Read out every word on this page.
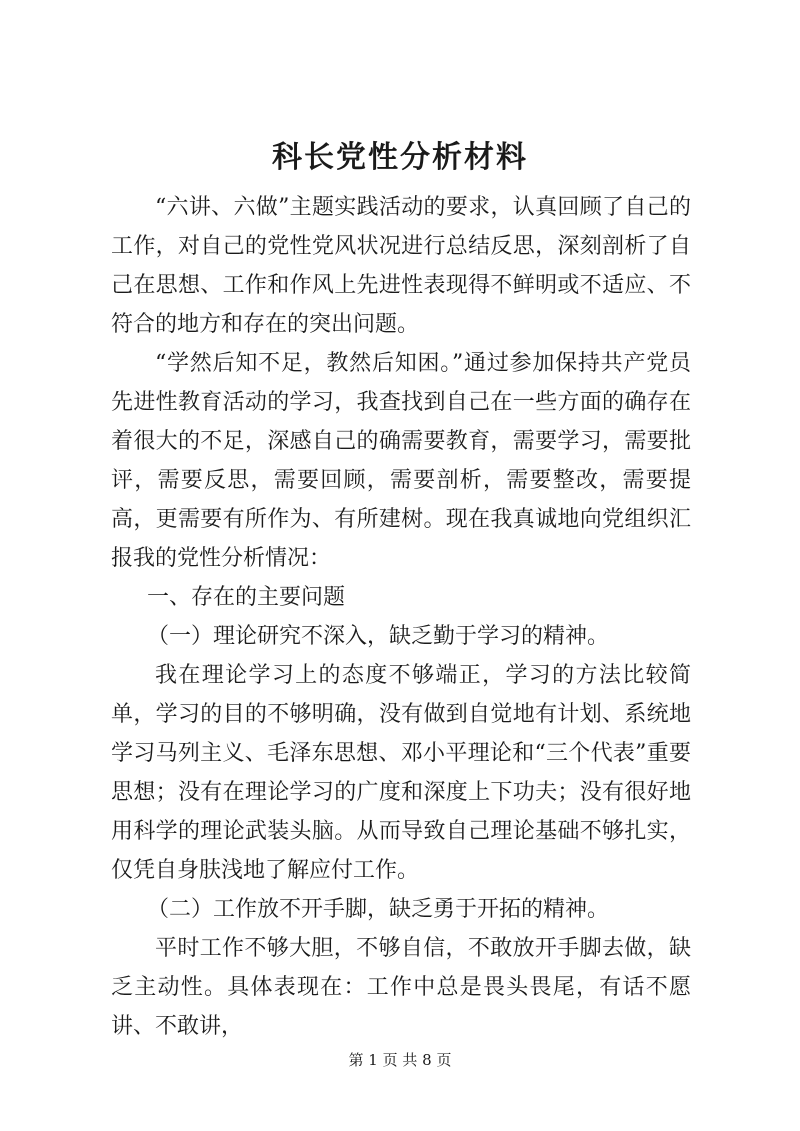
科长党性分析材料

“六讲、六做”主题实践活动的要求，认真回顾了自己的工作，对自己的党性党风状况进行总结反思，深刻剖析了自己在思想、工作和作风上先进性表现得不鲜明或不适应、不符合的地方和存在的突出问题。

“学然后知不足，教然后知困。”通过参加保持共产党员先进性教育活动的学习，我查找到自己在一些方面的确存在着很大的不足，深感自己的确需要教育，需要学习，需要批评，需要反思，需要回顾，需要剖析，需要整改，需要提高，更需要有所作为、有所建树。现在我真诚地向党组织汇报我的党性分析情况：

一、存在的主要问题

（一）理论研究不深入，缺乏勤于学习的精神。

我在理论学习上的态度不够端正，学习的方法比较简单，学习的目的不够明确，没有做到自觉地有计划、系统地学习马列主义、毛泽东思想、邓小平理论和“三个代表”重要思想；没有在理论学习的广度和深度上下功夫；没有很好地用科学的理论武装头脑。从而导致自己理论基础不够扎实，仅凭自身肤浅地了解应付工作。

（二）工作放不开手脚，缺乏勇于开拓的精神。

平时工作不够大胆，不够自信，不敢放开手脚去做，缺乏主动性。具体表现在：工作中总是畏头畏尾，有话不愿讲、不敢讲，

第 1 页 共 8 页
